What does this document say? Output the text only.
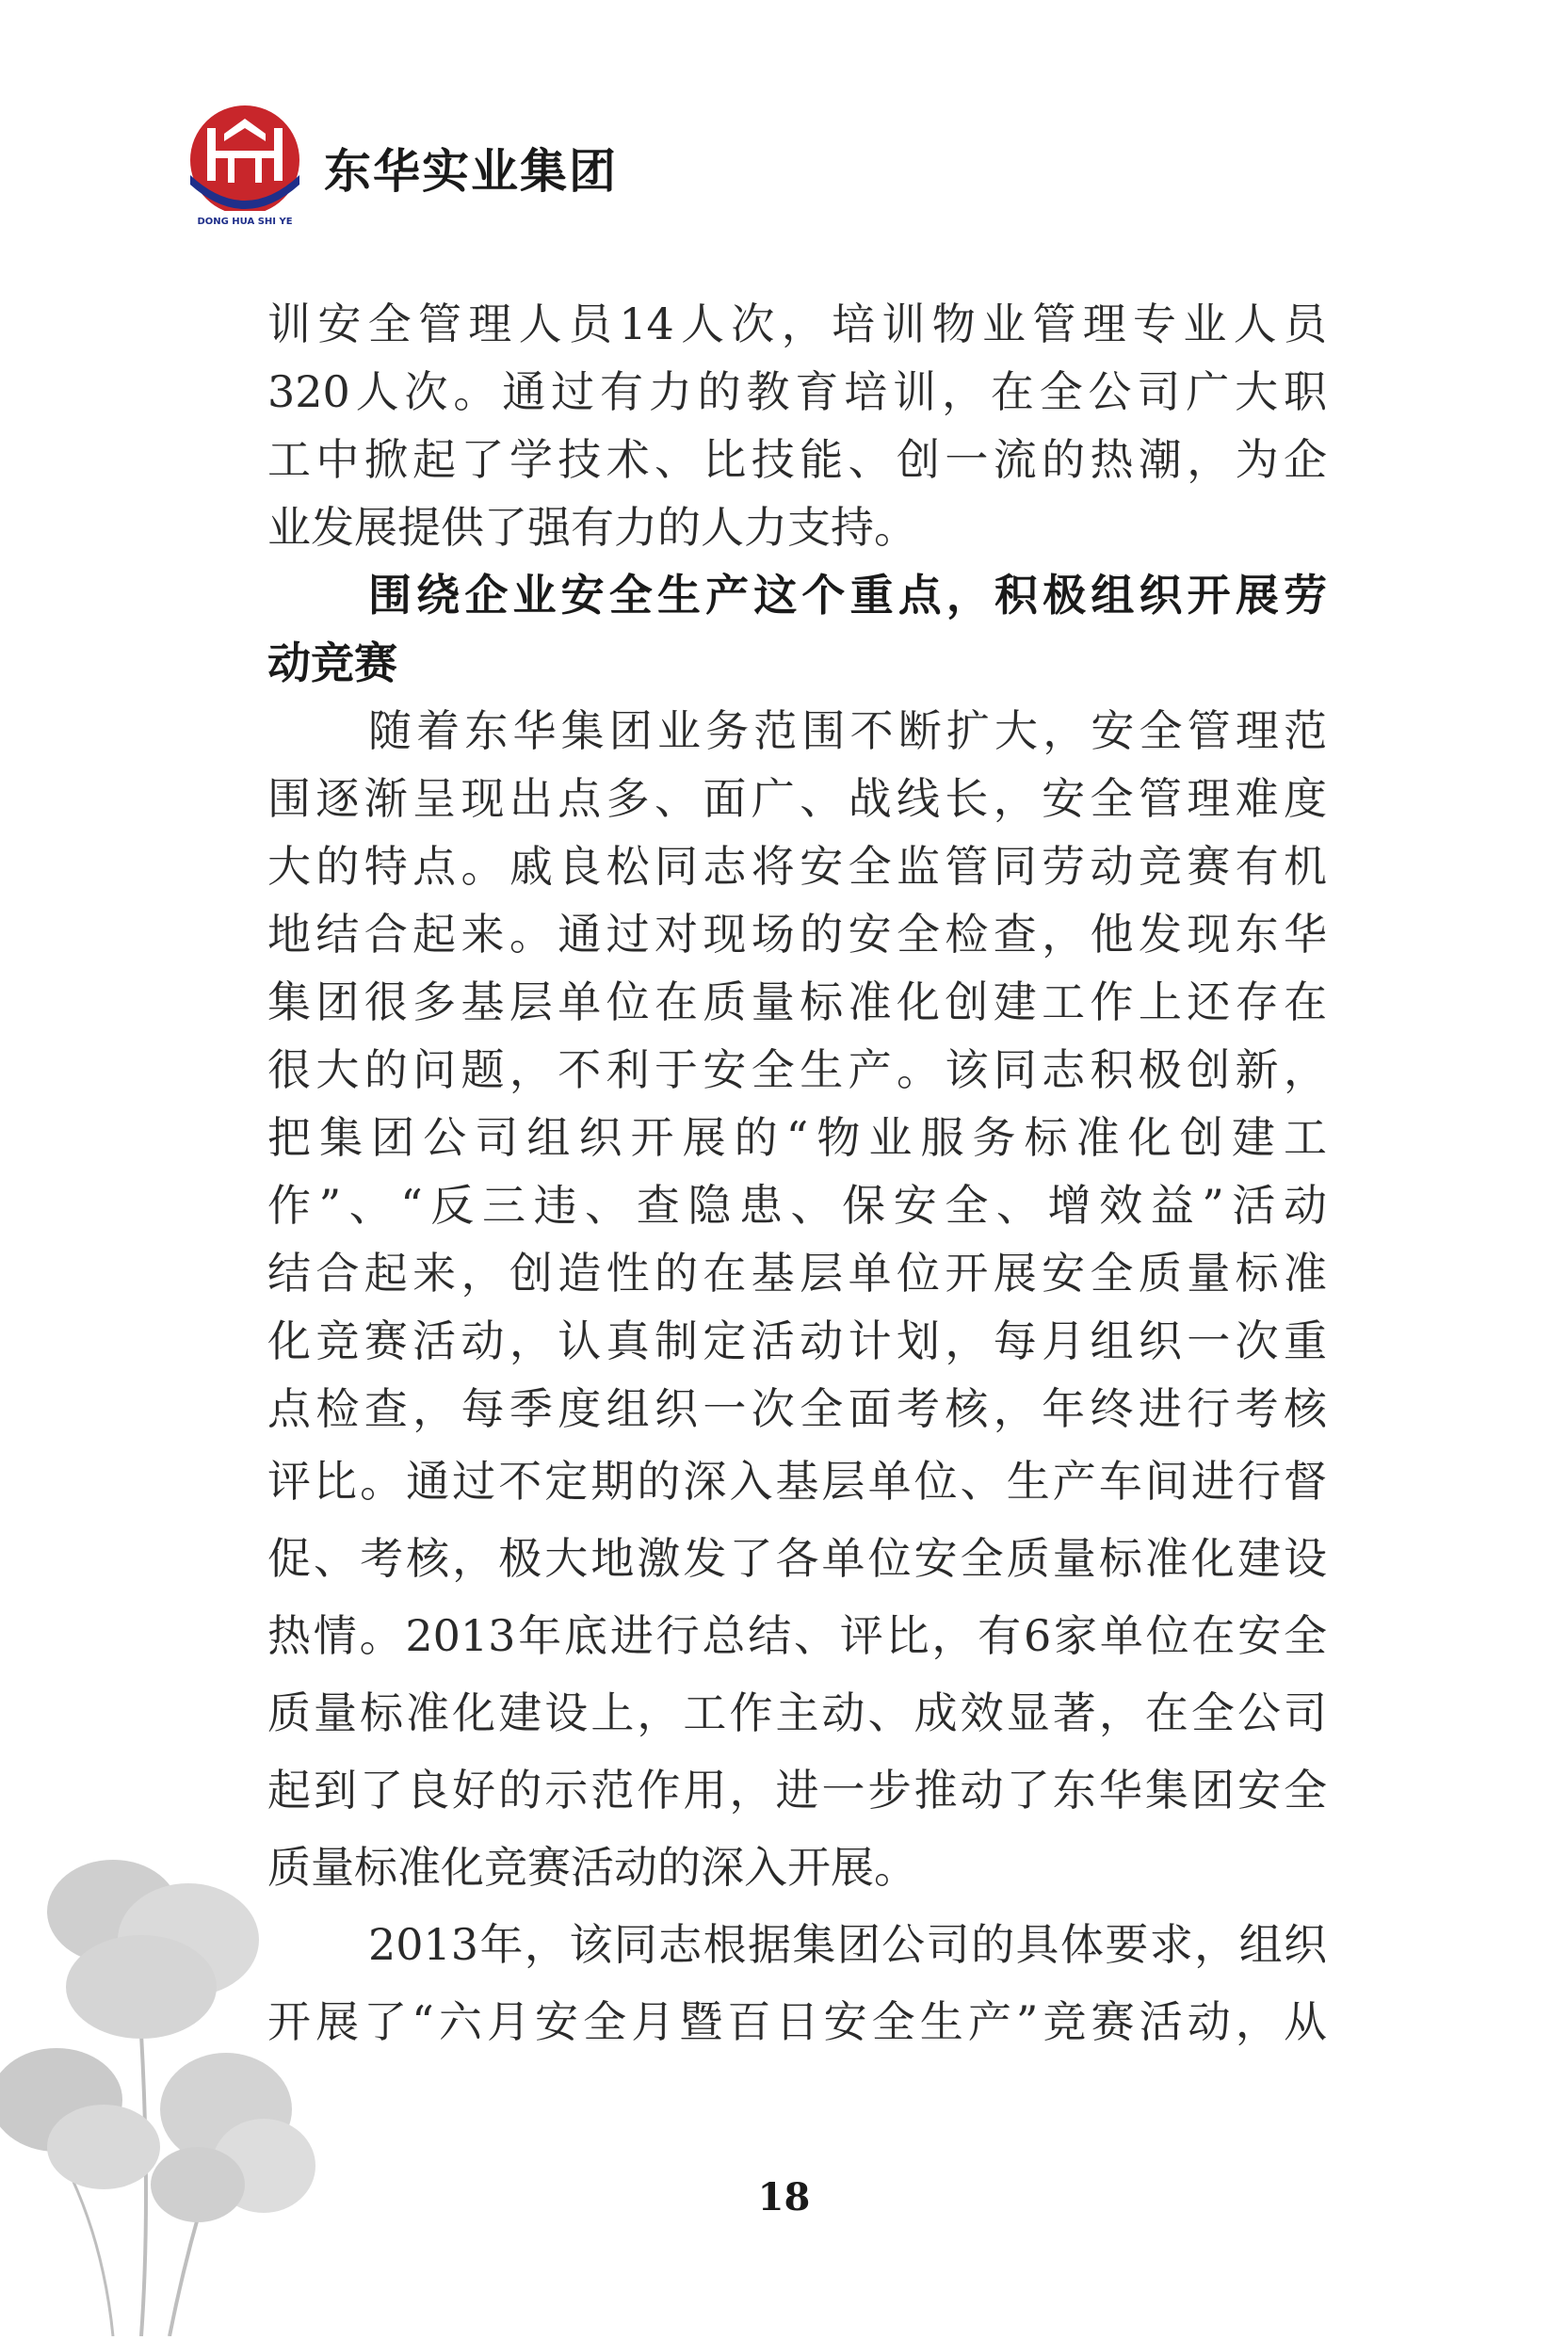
DONG HUA SHI YE
东华实业集团
训安全管理人员14人次，培训物业管理专业人员
320人次。通过有力的教育培训，在全公司广大职
工中掀起了学技术、比技能、创一流的热潮，为企
业发展提供了强有力的人力支持。
围绕企业安全生产这个重点，积极组织开展劳
动竞赛
随着东华集团业务范围不断扩大，安全管理范
围逐渐呈现出点多、面广、战线长，安全管理难度
大的特点。戚良松同志将安全监管同劳动竞赛有机
地结合起来。通过对现场的安全检查，他发现东华
集团很多基层单位在质量标准化创建工作上还存在
很大的问题，不利于安全生产。该同志积极创新，
把集团公司组织开展的“物业服务标准化创建工
作”、“反三违、查隐患、保安全、增效益”活动
结合起来，创造性的在基层单位开展安全质量标准
化竞赛活动，认真制定活动计划，每月组织一次重
点检查，每季度组织一次全面考核，年终进行考核
评比。通过不定期的深入基层单位、生产车间进行督
促、考核，极大地激发了各单位安全质量标准化建设
热情。2013年底进行总结、评比，有6家单位在安全
质量标准化建设上，工作主动、成效显著，在全公司
起到了良好的示范作用，进一步推动了东华集团安全
质量标准化竞赛活动的深入开展。
2013年，该同志根据集团公司的具体要求，组织
开展了“六月安全月暨百日安全生产”竞赛活动，从
18
